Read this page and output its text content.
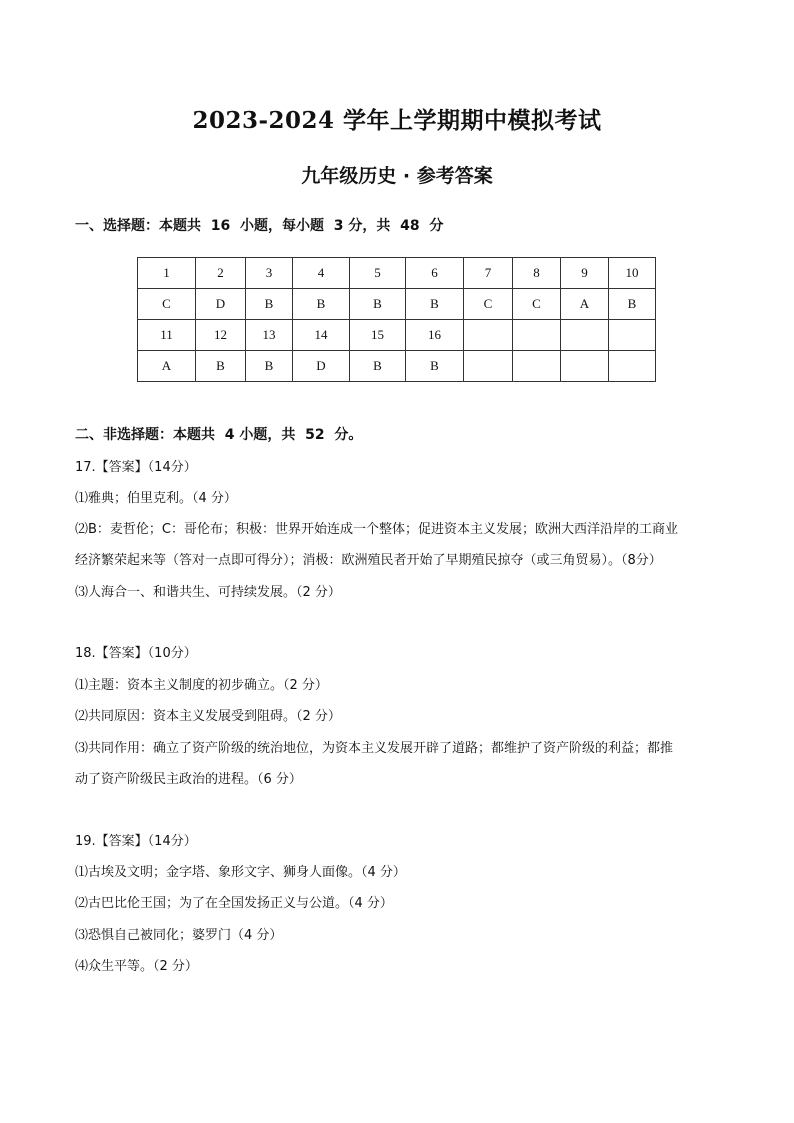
2023-2024 学年上学期期中模拟考试
九年级历史 · 参考答案
一、选择题：本题共  16  小题，每小题  3 分，共  48  分
1	2	3	4	5	6	7	8	9	10
C	D	B	B	B	B	C	C	A	B
11	12	13	14	15	16				
A	B	B	D	B	B				
二、非选择题：本题共  4 小题，共  52  分。
17.【答案】（14分）
⑴雅典；伯里克利。（4 分）
⑵B：麦哲伦；C：哥伦布；积极：世界开始连成一个整体；促进资本主义发展；欧洲大西洋沿岸的工商业
经济繁荣起来等（答对一点即可得分）；消极：欧洲殖民者开始了早期殖民掠夺（或三角贸易）。（8分）
⑶人海合一、和谐共生、可持续发展。（2 分）
18.【答案】（10分）
⑴主题：资本主义制度的初步确立。（2 分）
⑵共同原因：资本主义发展受到阻碍。（2 分）
⑶共同作用：确立了资产阶级的统治地位，为资本主义发展开辟了道路；都维护了资产阶级的利益；都推
动了资产阶级民主政治的进程。（6 分）
19.【答案】（14分）
⑴古埃及文明；金字塔、象形文字、狮身人面像。（4 分）
⑵古巴比伦王国；为了在全国发扬正义与公道。（4 分）
⑶恐惧自己被同化；婆罗门（4 分）
⑷众生平等。（2 分）
